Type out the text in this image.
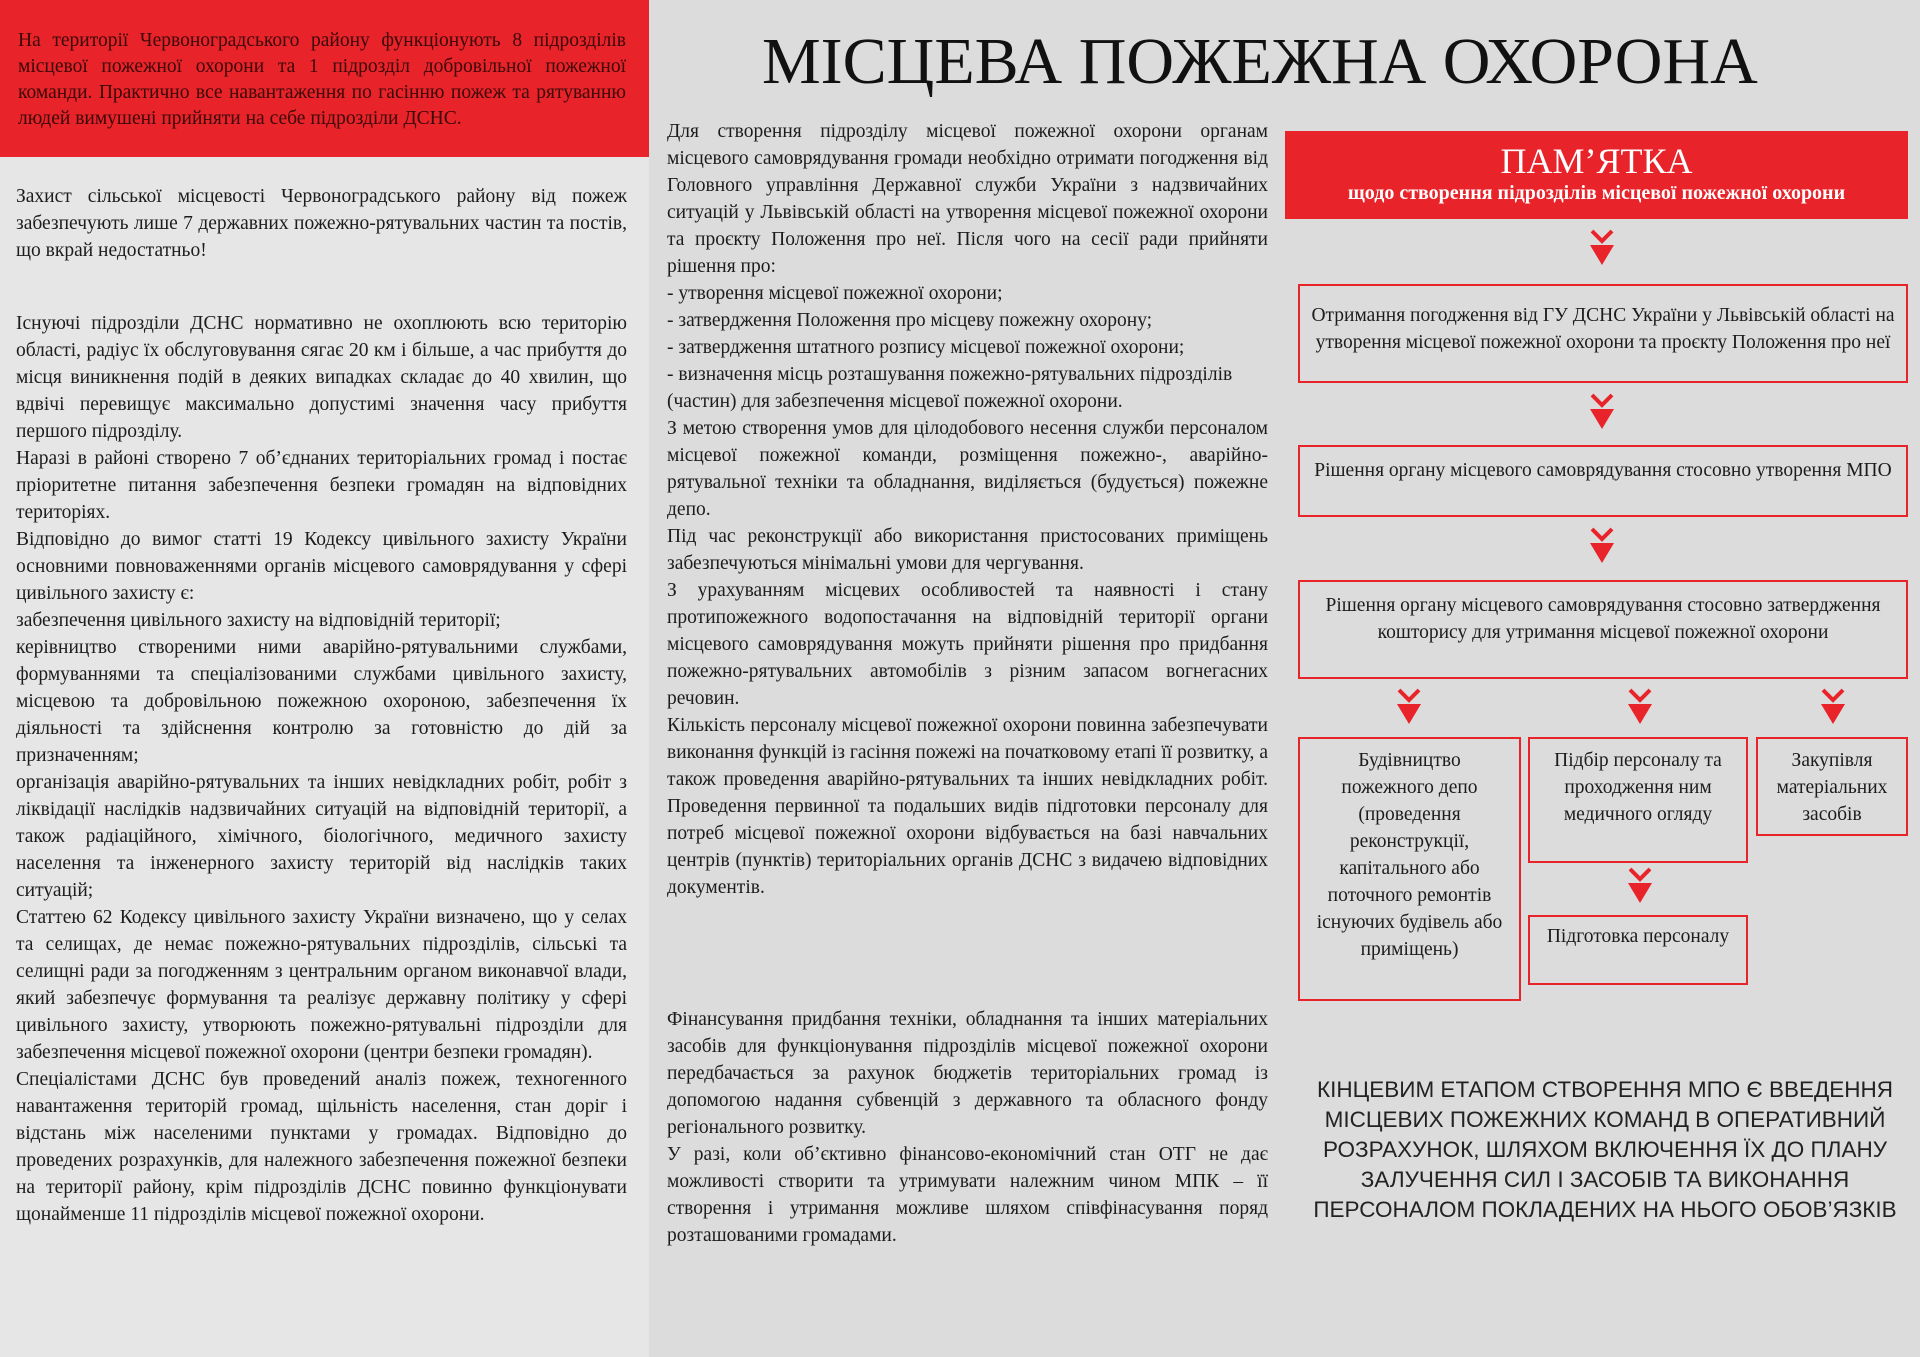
На території Червоноградського району функціонують 8 підрозділів місцевої пожежної охорони та 1 підрозділ добровільної пожежної команди. Практично все навантаження по гасінню пожеж та рятуванню людей вимушені прийняти на себе підрозділи ДСНС.

Захист сільської місцевості Червоноградського району від пожеж забезпечують лише 7 державних пожежно-рятувальних частин та постів, що вкрай недостатньо!

Існуючі підрозділи ДСНС нормативно не охоплюють всю територію області, радіус їх обслуговування сягає 20 км і більше, а час прибуття до місця виникнення подій в деяких випадках складає до 40 хвилин, що вдвічі перевищує максимально допустимі значення часу прибуття першого підрозділу.

Наразі в районі створено 7 об’єднаних територіальних громад і постає пріоритетне питання забезпечення безпеки громадян на відповідних територіях.

Відповідно до вимог статті 19 Кодексу цивільного захисту України основними повноваженнями органів місцевого самоврядування у сфері цивільного захисту є:

забезпечення цивільного захисту на відповідній території;

керівництво створеними ними аварійно-рятувальними службами, формуваннями та спеціалізованими службами цивільного захисту, місцевою та добровільною пожежною охороною, забезпечення їх діяльності та здійснення контролю за готовністю до дій за призначенням;

організація аварійно-рятувальних та інших невідкладних робіт, робіт з ліквідації наслідків надзвичайних ситуацій на відповідній території, а також радіаційного, хімічного, біологічного, медичного захисту населення та інженерного захисту територій від наслідків таких ситуацій;

Статтею 62 Кодексу цивільного захисту України визначено, що у селах та селищах, де немає пожежно-рятувальних підрозділів, сільські та селищні ради за погодженням з центральним органом виконавчої влади, який забезпечує формування та реалізує державну політику у сфері цивільного захисту, утворюють пожежно-рятувальні підрозділи для забезпечення місцевої пожежної охорони (центри безпеки громадян).

Спеціалістами ДСНС був проведений аналіз пожеж, техногенного навантаження територій громад, щільність населення, стан доріг і відстань між населеними пунктами у громадах. Відповідно до проведених розрахунків, для належного забезпечення пожежної безпеки на території району, крім підрозділів ДСНС повинно функціонувати щонайменше 11 підрозділів місцевої пожежної охорони.

МІСЦЕВА ПОЖЕЖНА ОХОРОНА

Для створення підрозділу місцевої пожежної охорони органам місцевого самоврядування громади необхідно отримати погодження від Головного управління Державної служби України з надзвичайних ситуацій у Львівській області на утворення місцевої пожежної охорони та проєкту Положення про неї. Після чого на сесії ради прийняти рішення про:

- утворення місцевої пожежної охорони;

- затвердження Положення про місцеву пожежну охорону;

- затвердження штатного розпису місцевої пожежної охорони;

- визначення місць розташування пожежно-рятувальних підрозділів (частин) для забезпечення місцевої пожежної охорони.

З метою створення умов для цілодобового несення служби персоналом місцевої пожежної команди, розміщення пожежно-, аварійно-рятувальної техніки та обладнання, виділяється (будується) пожежне депо.

Під час реконструкції або використання пристосованих приміщень забезпечуються мінімальні умови для чергування.

З урахуванням місцевих особливостей та наявності і стану протипожежного водопостачання на відповідній території органи місцевого самоврядування можуть прийняти рішення про придбання пожежно-рятувальних автомобілів з різним запасом вогнегасних речовин.

Кількість персоналу місцевої пожежної охорони повинна забезпечувати виконання функцій із гасіння пожежі на початковому етапі її розвитку, а також проведення аварійно-рятувальних та інших невідкладних робіт. Проведення первинної та подальших видів підготовки персоналу для потреб місцевої пожежної охорони відбувається на базі навчальних центрів (пунктів) територіальних органів ДСНС з видачею відповідних документів.

Фінансування придбання техніки, обладнання та інших матеріальних засобів для функціонування підрозділів місцевої пожежної охорони передбачається за рахунок бюджетів територіальних громад із допомогою надання субвенцій з державного та обласного фонду регіонального розвитку.

У разі, коли об’єктивно фінансово-економічний стан ОТГ не дає можливості створити та утримувати належним чином МПК – її створення і утримання можливе шляхом співфінасування поряд розташованими громадами.

ПАМ’ЯТКА
щодо створення підрозділів місцевої пожежної охорони
Отримання погодження від ГУ ДСНС України у Львівській області на утворення місцевої пожежної охорони та проєкту Положення про неї
Рішення органу місцевого самоврядування стосовно утворення МПО
Рішення органу місцевого самоврядування стосовно затвердження кошторису для утримання місцевої пожежної охорони
Будівництво пожежного депо (проведення реконструкції, капітального або поточного ремонтів існуючих будівель або приміщень)
Підбір персоналу та проходження ним медичного огляду
Закупівля матеріальних засобів
Підготовка персоналу

КІНЦЕВИМ ЕТАПОМ СТВОРЕННЯ МПО Є ВВЕДЕННЯ МІСЦЕВИХ ПОЖЕЖНИХ КОМАНД В ОПЕРАТИВНИЙ РОЗРАХУНОК, ШЛЯХОМ ВКЛЮЧЕННЯ ЇХ ДО ПЛАНУ ЗАЛУЧЕННЯ СИЛ І ЗАСОБІВ ТА ВИКОНАННЯ ПЕРСОНАЛОМ ПОКЛАДЕНИХ НА НЬОГО ОБОВ’ЯЗКІВ
